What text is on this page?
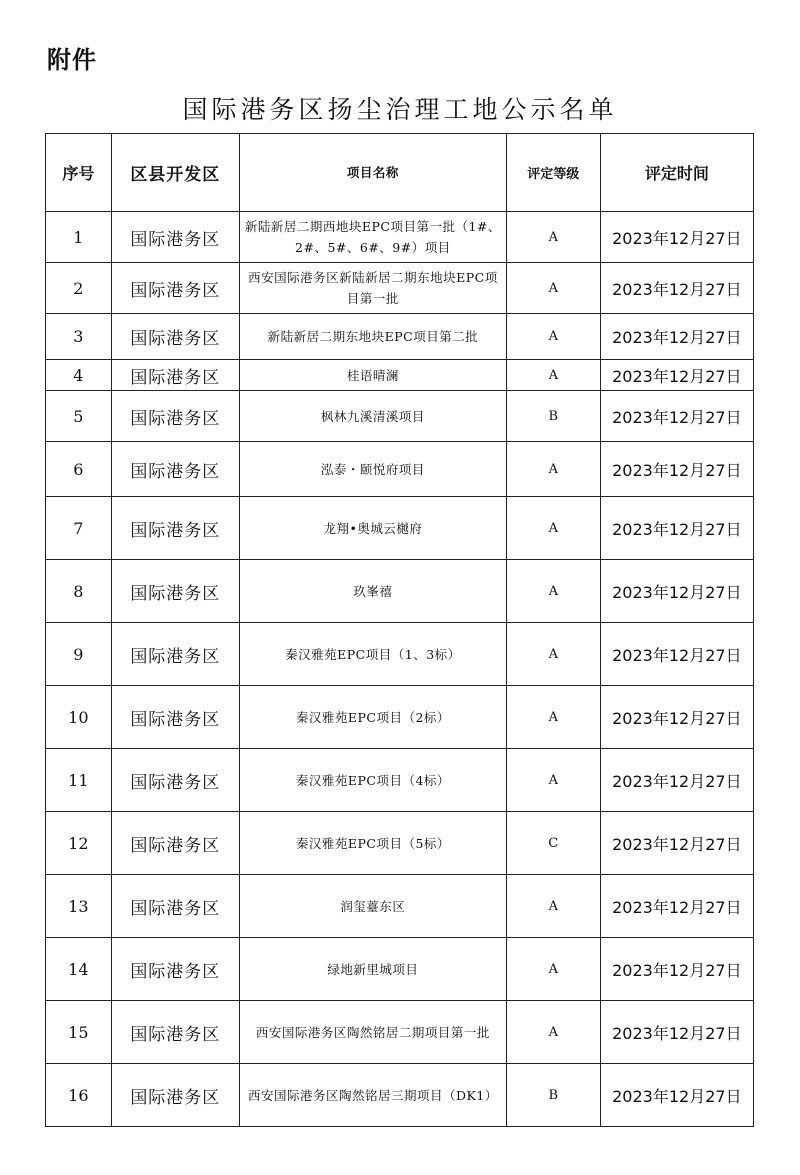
附件
国际港务区扬尘治理工地公示名单
序号	区县开发区	项目名称	评定等级	评定时间
1	国际港务区	新陆新居二期西地块EPC项目第一批（1#、2#、5#、6#、9#）项目	A	2023年12月27日
2	国际港务区	西安国际港务区新陆新居二期东地块EPC项目第一批	A	2023年12月27日
3	国际港务区	新陆新居二期东地块EPC项目第二批	A	2023年12月27日
4	国际港务区	桂语晴澜	A	2023年12月27日
5	国际港务区	枫林九溪清溪项目	B	2023年12月27日
6	国际港务区	泓泰・颐悦府项目	A	2023年12月27日
7	国际港务区	龙翔•奥城云樾府	A	2023年12月27日
8	国际港务区	玖峯禧	A	2023年12月27日
9	国际港务区	秦汉雅苑EPC项目（1、3标）	A	2023年12月27日
10	国际港务区	秦汉雅苑EPC项目（2标）	A	2023年12月27日
11	国际港务区	秦汉雅苑EPC项目（4标）	A	2023年12月27日
12	国际港务区	秦汉雅苑EPC项目（5标）	C	2023年12月27日
13	国际港务区	润玺薹东区	A	2023年12月27日
14	国际港务区	绿地新里城项目	A	2023年12月27日
15	国际港务区	西安国际港务区陶然铭居二期项目第一批	A	2023年12月27日
16	国际港务区	西安国际港务区陶然铭居三期项目（DK1）	B	2023年12月27日
